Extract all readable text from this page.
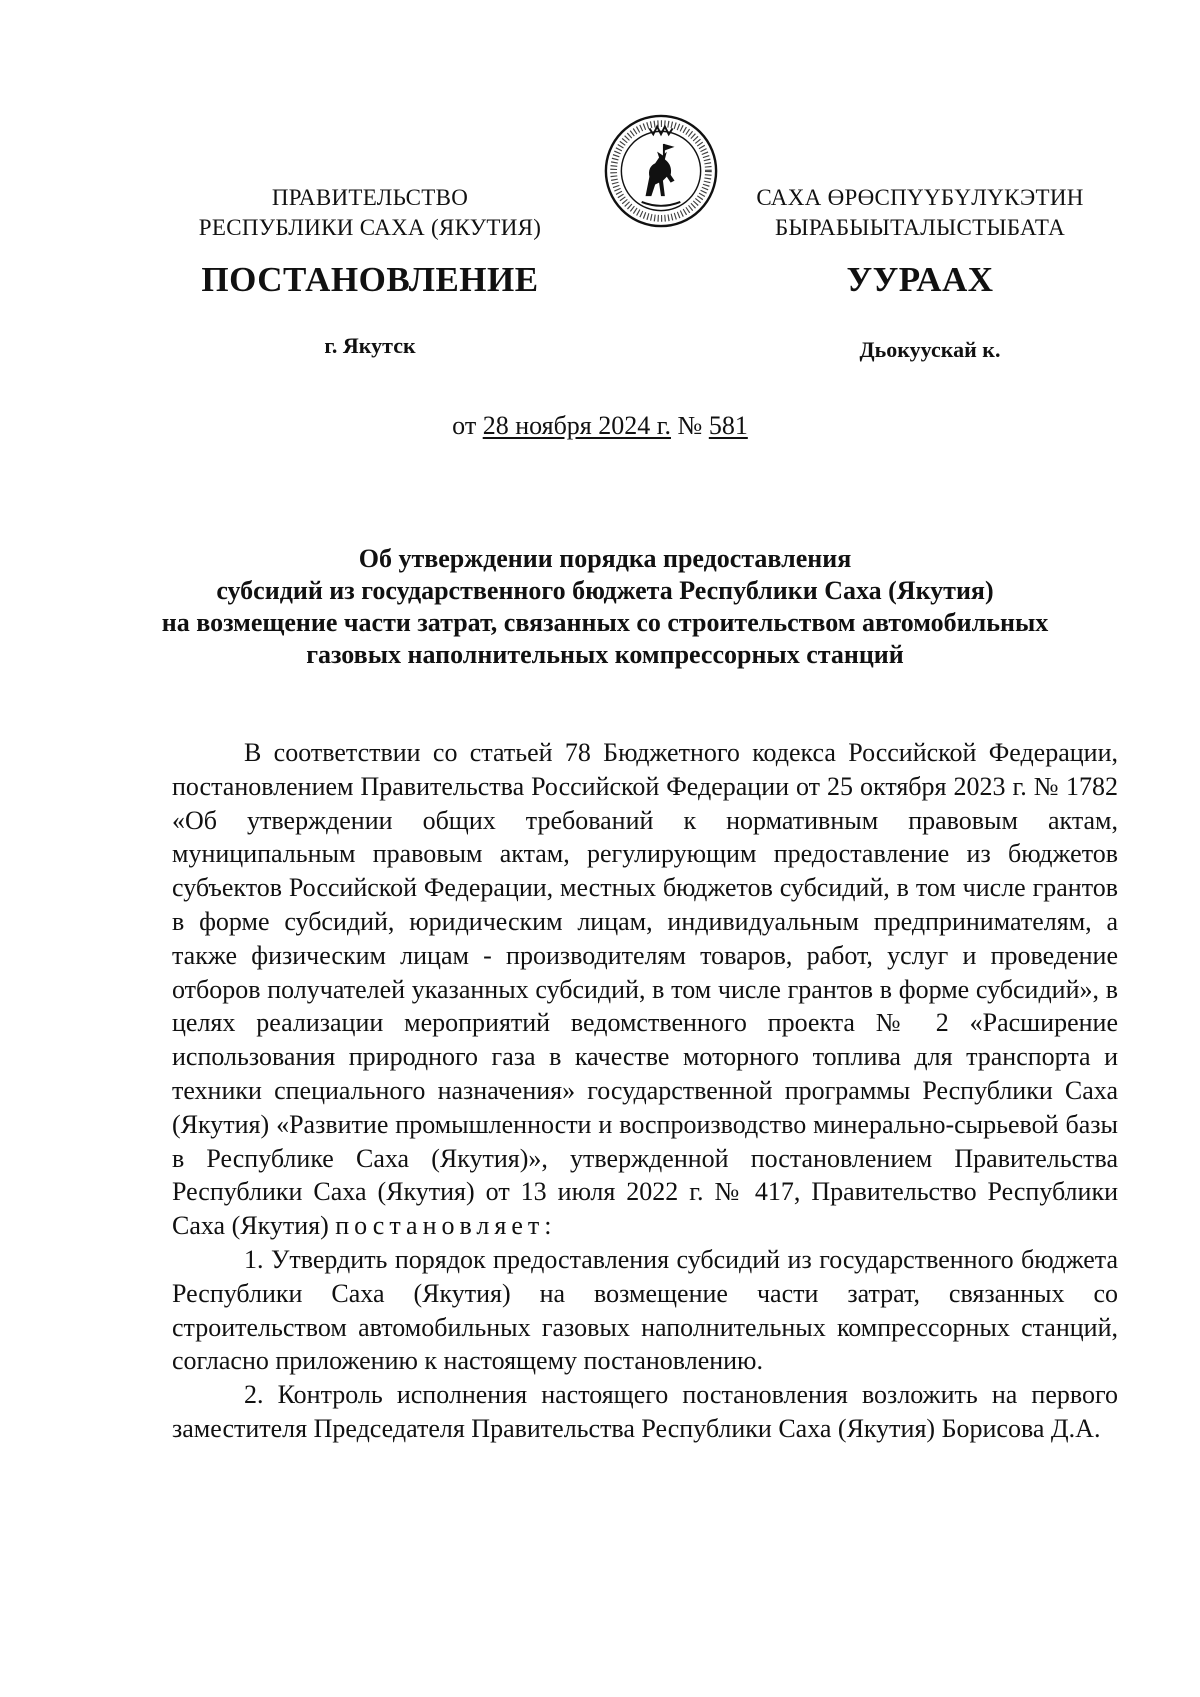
ПРАВИТЕЛЬСТВО
РЕСПУБЛИКИ САХА (ЯКУТИЯ)
САХА ӨРӨСПҮҮБҮЛҮКЭТИН
БЫРАБЫЫТАЛЫСТЫБАТА
ПОСТАНОВЛЕНИЕ	УУРААХ
г. Якутск	Дьокуускай к.
от 28 ноября 2024 г. № 581
Об утверждении порядка предоставления
субсидий из государственного бюджета Республики Саха (Якутия)
на возмещение части затрат, связанных со строительством автомобильных
газовых наполнительных компрессорных станций

В соответствии со статьей 78 Бюджетного кодекса Российской Федерации, постановлением Правительства Российской Федерации от 25 октября 2023 г. № 1782 «Об утверждении общих требований к нормативным правовым актам, муниципальным правовым актам, регулирующим предоставление из бюджетов субъектов Российской Федерации, местных бюджетов субсидий, в том числе грантов в форме субсидий, юридическим лицам, индивидуальным предпринимателям, а также физическим лицам - производителям товаров, работ, услуг и проведение отборов получателей указанных субсидий, в том числе грантов в форме субсидий», в целях реализации мероприятий ведомственного проекта № 2 «Расширение использования природного газа в качестве моторного топлива для транспорта и техники специального назначения» государственной программы Республики Саха (Якутия) «Развитие промышленности и воспроизводство минерально-сырьевой базы в Республике Саха (Якутия)», утвержденной постановлением Правительства Республики Саха (Якутия) от 13 июля 2022 г. № 417, Правительство Республики Саха (Якутия) постановляет:

1. Утвердить порядок предоставления субсидий из государственного бюджета Республики Саха (Якутия) на возмещение части затрат, связанных со строительством автомобильных газовых наполнительных компрессорных станций, согласно приложению к настоящему постановлению.

2. Контроль исполнения настоящего постановления возложить на первого заместителя Председателя Правительства Республики Саха (Якутия) Борисова Д.А.
